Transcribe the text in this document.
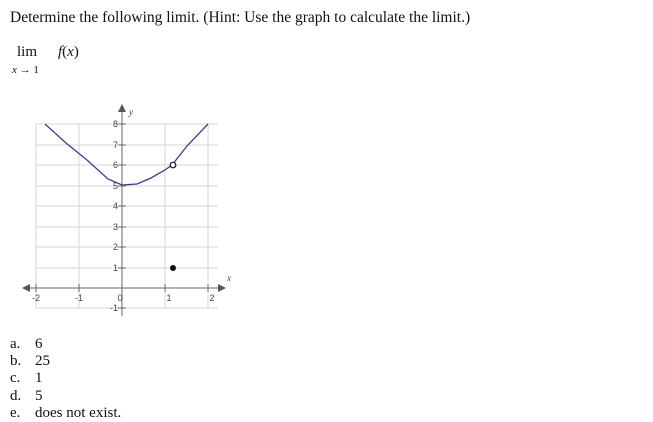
Determine the following limit. (Hint: Use the graph to calculate the limit.)
lim f(x)
x → 1
-2	-1	0	1	2
-1
1
2
3
4
5
6
7
8
x
y
a. 6
b. 25
c. 1
d. 5
e. does not exist.
